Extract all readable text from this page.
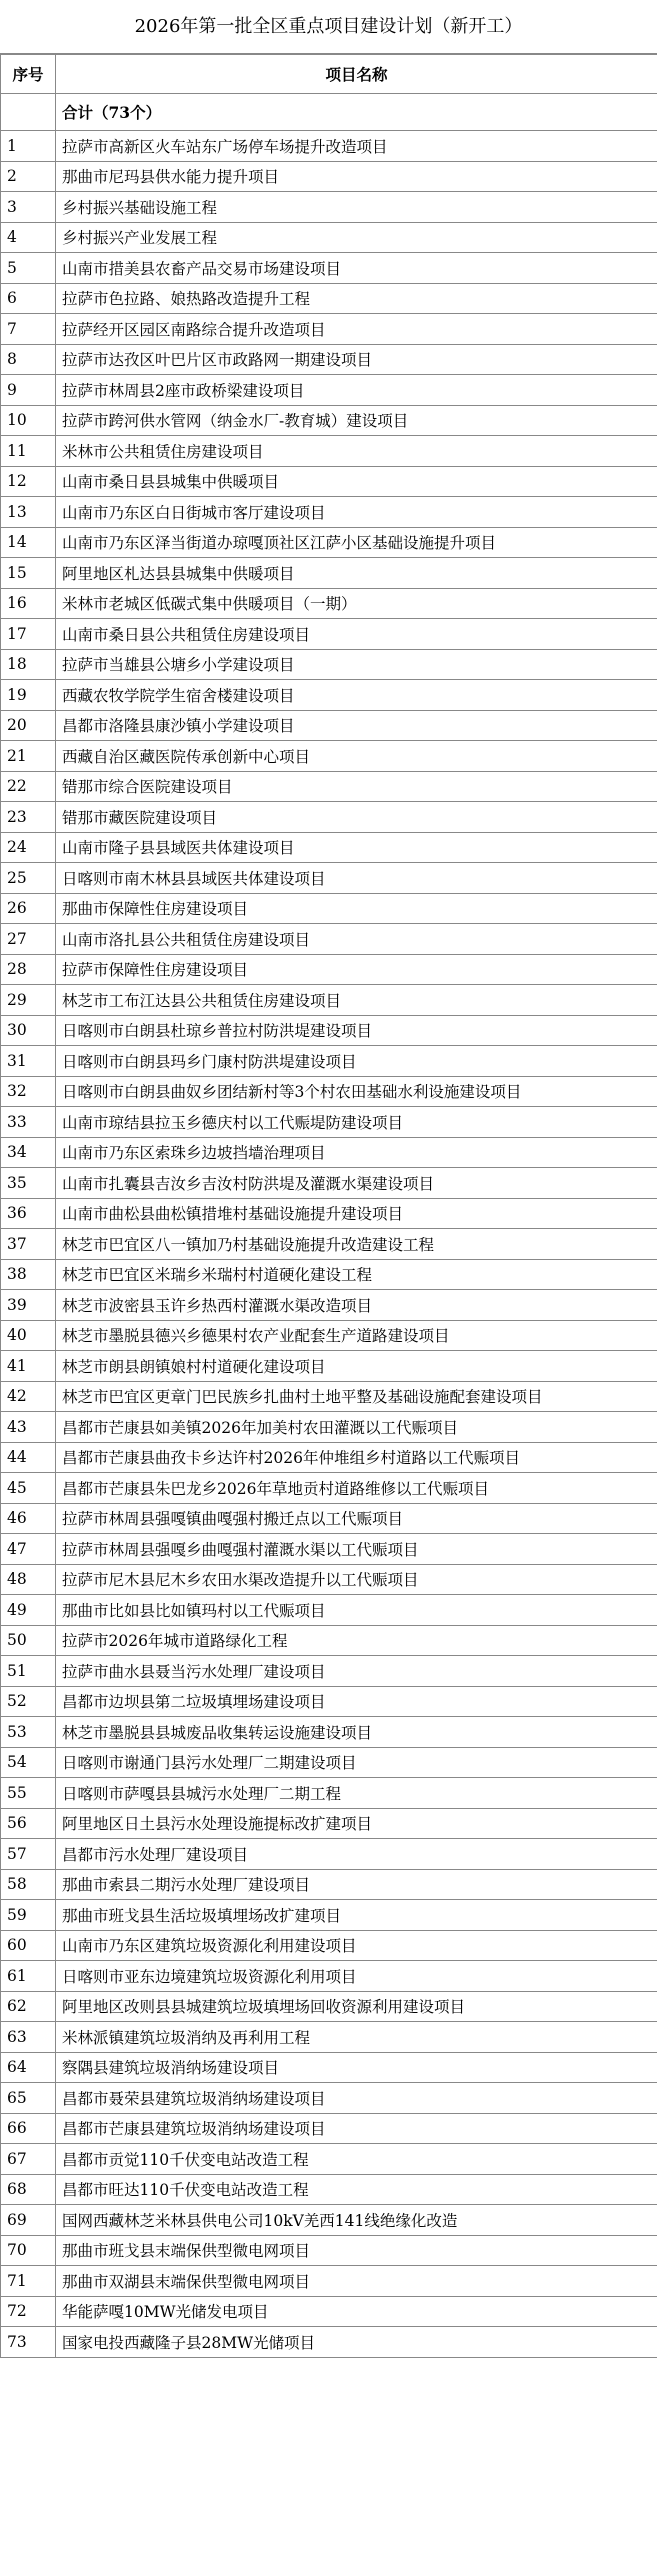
2026年第一批全区重点项目建设计划（新开工）
序号	项目名称
	合计（73个）
1	拉萨市高新区火车站东广场停车场提升改造项目
2	那曲市尼玛县供水能力提升项目
3	乡村振兴基础设施工程
4	乡村振兴产业发展工程
5	山南市措美县农畜产品交易市场建设项目
6	拉萨市色拉路、娘热路改造提升工程
7	拉萨经开区园区南路综合提升改造项目
8	拉萨市达孜区叶巴片区市政路网一期建设项目
9	拉萨市林周县2座市政桥梁建设项目
10	拉萨市跨河供水管网（纳金水厂-教育城）建设项目
11	米林市公共租赁住房建设项目
12	山南市桑日县县城集中供暖项目
13	山南市乃东区白日街城市客厅建设项目
14	山南市乃东区泽当街道办琼嘎顶社区江萨小区基础设施提升项目
15	阿里地区札达县县城集中供暖项目
16	米林市老城区低碳式集中供暖项目（一期）
17	山南市桑日县公共租赁住房建设项目
18	拉萨市当雄县公塘乡小学建设项目
19	西藏农牧学院学生宿舍楼建设项目
20	昌都市洛隆县康沙镇小学建设项目
21	西藏自治区藏医院传承创新中心项目
22	错那市综合医院建设项目
23	错那市藏医院建设项目
24	山南市隆子县县域医共体建设项目
25	日喀则市南木林县县域医共体建设项目
26	那曲市保障性住房建设项目
27	山南市洛扎县公共租赁住房建设项目
28	拉萨市保障性住房建设项目
29	林芝市工布江达县公共租赁住房建设项目
30	日喀则市白朗县杜琼乡普拉村防洪堤建设项目
31	日喀则市白朗县玛乡门康村防洪堤建设项目
32	日喀则市白朗县曲奴乡团结新村等3个村农田基础水利设施建设项目
33	山南市琼结县拉玉乡德庆村以工代赈堤防建设项目
34	山南市乃东区索珠乡边坡挡墙治理项目
35	山南市扎囊县吉汝乡吉汝村防洪堤及灌溉水渠建设项目
36	山南市曲松县曲松镇措堆村基础设施提升建设项目
37	林芝市巴宜区八一镇加乃村基础设施提升改造建设工程
38	林芝市巴宜区米瑞乡米瑞村村道硬化建设工程
39	林芝市波密县玉许乡热西村灌溉水渠改造项目
40	林芝市墨脱县德兴乡德果村农产业配套生产道路建设项目
41	林芝市朗县朗镇娘村村道硬化建设项目
42	林芝市巴宜区更章门巴民族乡扎曲村土地平整及基础设施配套建设项目
43	昌都市芒康县如美镇2026年加美村农田灌溉以工代赈项目
44	昌都市芒康县曲孜卡乡达许村2026年仲堆组乡村道路以工代赈项目
45	昌都市芒康县朱巴龙乡2026年草地贡村道路维修以工代赈项目
46	拉萨市林周县强嘎镇曲嘎强村搬迁点以工代赈项目
47	拉萨市林周县强嘎乡曲嘎强村灌溉水渠以工代赈项目
48	拉萨市尼木县尼木乡农田水渠改造提升以工代赈项目
49	那曲市比如县比如镇玛村以工代赈项目
50	拉萨市2026年城市道路绿化工程
51	拉萨市曲水县聂当污水处理厂建设项目
52	昌都市边坝县第二垃圾填埋场建设项目
53	林芝市墨脱县县城废品收集转运设施建设项目
54	日喀则市谢通门县污水处理厂二期建设项目
55	日喀则市萨嘎县县城污水处理厂二期工程
56	阿里地区日土县污水处理设施提标改扩建项目
57	昌都市污水处理厂建设项目
58	那曲市索县二期污水处理厂建设项目
59	那曲市班戈县生活垃圾填埋场改扩建项目
60	山南市乃东区建筑垃圾资源化利用建设项目
61	日喀则市亚东边境建筑垃圾资源化利用项目
62	阿里地区改则县县城建筑垃圾填埋场回收资源利用建设项目
63	米林派镇建筑垃圾消纳及再利用工程
64	察隅县建筑垃圾消纳场建设项目
65	昌都市聂荣县建筑垃圾消纳场建设项目
66	昌都市芒康县建筑垃圾消纳场建设项目
67	昌都市贡觉110千伏变电站改造工程
68	昌都市旺达110千伏变电站改造工程
69	国网西藏林芝米林县供电公司10kV羌西141线绝缘化改造
70	那曲市班戈县末端保供型微电网项目
71	那曲市双湖县末端保供型微电网项目
72	华能萨嘎10MW光储发电项目
73	国家电投西藏隆子县28MW光储项目
